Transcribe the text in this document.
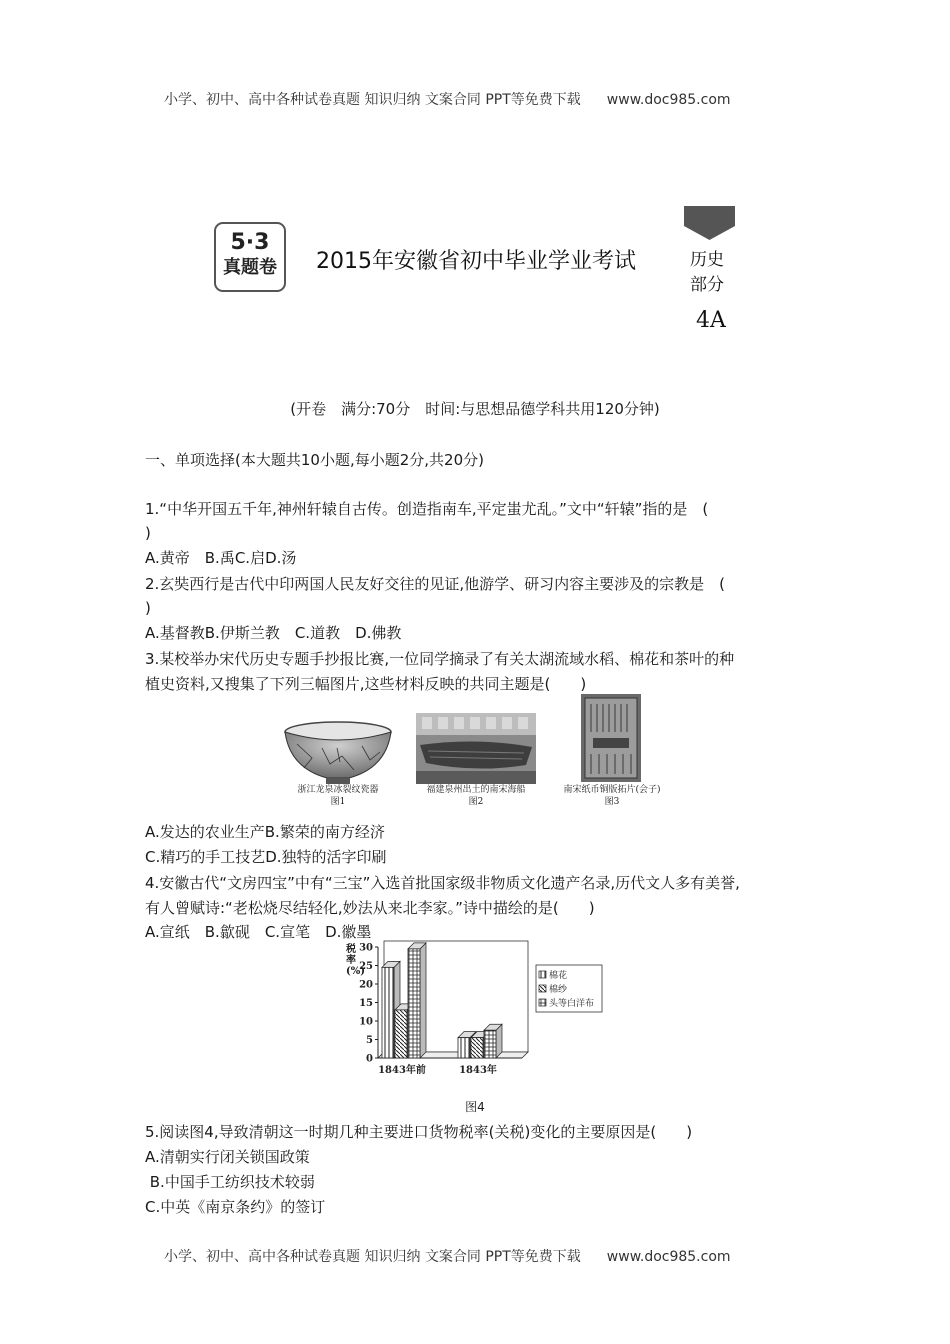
小学、初中、高中各种试卷真题 知识归纳 文案合同 PPT等免费下载 www.doc985.com
5·3
真题卷	2015年安徽省初中毕业学业考试	历史
部分
4A
(开卷　满分:70分　时间:与思想品德学科共用120分钟)
一、单项选择(本大题共10小题,每小题2分,共20分)
1.“中华开国五千年,神州轩辕自古传。创造指南车,平定蚩尤乱。”文中“轩辕”指的是　(
)
A.黄帝　B.禹C.启D.汤
2.玄奘西行是古代中印两国人民友好交往的见证,他游学、研习内容主要涉及的宗教是　(
)
A.基督教B.伊斯兰教　C.道教　D.佛教
3.某校举办宋代历史专题手抄报比赛,一位同学摘录了有关太湖流域水稻、棉花和茶叶的种
植史资料,又搜集了下列三幅图片,这些材料反映的共同主题是( )
浙江龙泉冰裂纹瓷器
图1
福建泉州出土的南宋海船
图2
南宋纸币铜版拓片(会子)
图3
A.发达的农业生产B.繁荣的南方经济
C.精巧的手工技艺D.独特的活字印刷
4.安徽古代“文房四宝”中有“三宝”入选首批国家级非物质文化遗产名录,历代文人多有美誉,
有人曾赋诗:“老松烧尽结轻化,妙法从来北李家。”诗中描绘的是( )
A.宣纸　B.歙砚　C.宣笔　D.徽墨
0
5
10
15
20
25
30
1843年前	1843年
棉花
棉纱
头等白洋布
税率(%)
图4
5.阅读图4,导致清朝这一时期几种主要进口货物税率(关税)变化的主要原因是( )
A.清朝实行闭关锁国政策
B.中国手工纺织技术较弱
C.中英《南京条约》的签订
小学、初中、高中各种试卷真题 知识归纳 文案合同 PPT等免费下载 www.doc985.com
